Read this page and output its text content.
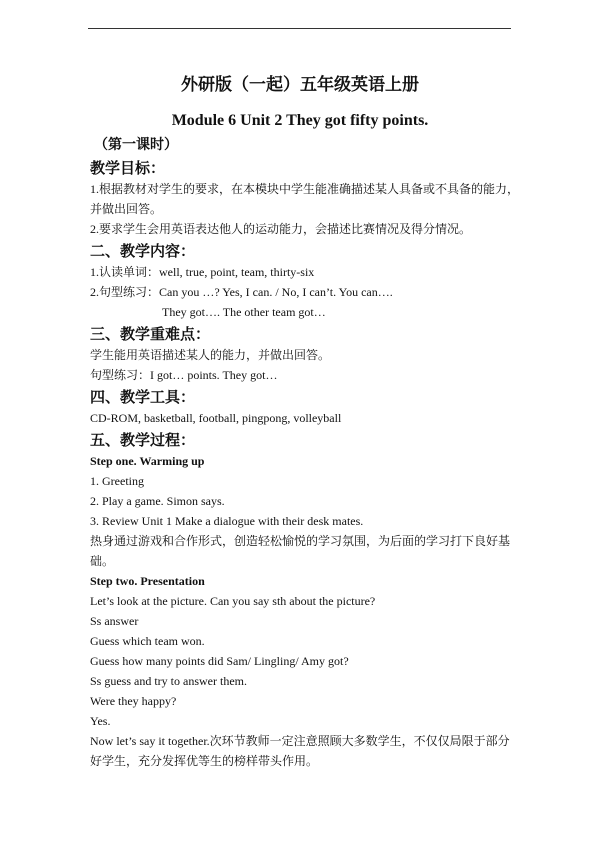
外研版（一起）五年级英语上册
Module 6 Unit 2 They got fifty points.
（第一课时）
教学目标：
1.根据教材对学生的要求，在本模块中学生能准确描述某人具备或不具备的能力，并做出回答。
2.要求学生会用英语表达他人的运动能力，会描述比赛情况及得分情况。
二、教学内容：
1.认读单词：well, true, point, team, thirty-six
2.句型练习：Can you …? Yes, I can. / No, I can’t. You can….
They got…. The other team got…
三、教学重难点：
学生能用英语描述某人的能力，并做出回答。
句型练习：I got… points. They got…
四、教学工具：
CD-ROM, basketball, football, pingpong, volleyball
五、教学过程：
Step one. Warming up
1. Greeting
2. Play a game. Simon says.
3. Review Unit 1 Make a dialogue with their desk mates.
热身通过游戏和合作形式，创造轻松愉悦的学习氛围，为后面的学习打下良好基础。
Step two. Presentation
Let’s look at the picture. Can you say sth about the picture?
Ss answer
Guess which team won.
Guess how many points did Sam/ Lingling/ Amy got?
Ss guess and try to answer them.
Were they happy?
Yes.
Now let’s say it together.次环节教师一定注意照顾大多数学生，不仅仅局限于部分好学生，充分发挥优等生的榜样带头作用。
